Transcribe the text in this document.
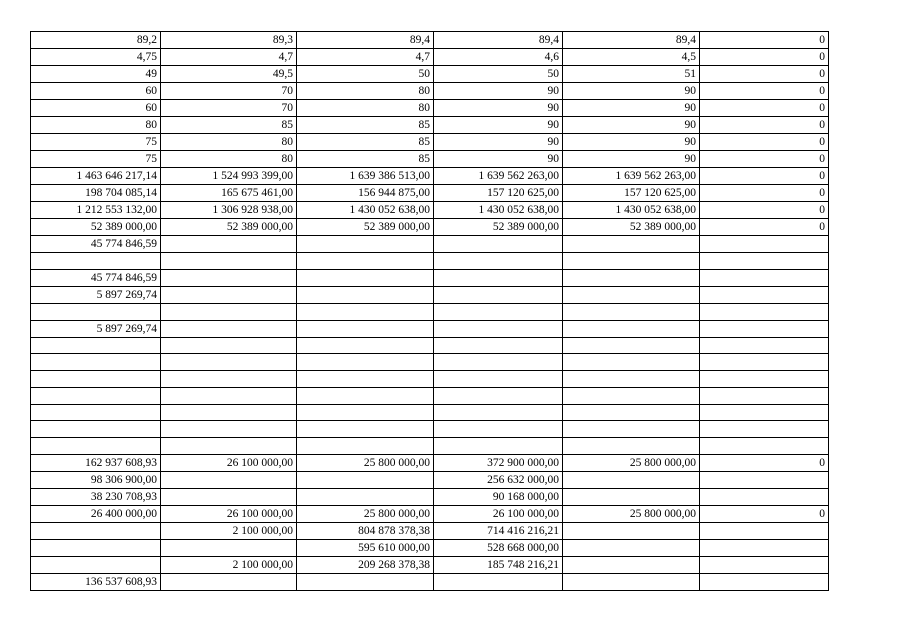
89,2	89,3	89,4	89,4	89,4	0
4,75	4,7	4,7	4,6	4,5	0
49	49,5	50	50	51	0
60	70	80	90	90	0
60	70	80	90	90	0
80	85	85	90	90	0
75	80	85	90	90	0
75	80	85	90	90	0
1 463 646 217,14	1 524 993 399,00	1 639 386 513,00	1 639 562 263,00	1 639 562 263,00	0
198 704 085,14	165 675 461,00	156 944 875,00	157 120 625,00	157 120 625,00	0
1 212 553 132,00	1 306 928 938,00	1 430 052 638,00	1 430 052 638,00	1 430 052 638,00	0
52 389 000,00	52 389 000,00	52 389 000,00	52 389 000,00	52 389 000,00	0
45 774 846,59					

45 774 846,59					
5 897 269,74					

5 897 269,74					

162 937 608,93	26 100 000,00	25 800 000,00	372 900 000,00	25 800 000,00	0
98 306 900,00			256 632 000,00		
38 230 708,93			90 168 000,00		
26 400 000,00	26 100 000,00	25 800 000,00	26 100 000,00	25 800 000,00	0
	2 100 000,00	804 878 378,38	714 416 216,21		
		595 610 000,00	528 668 000,00		
	2 100 000,00	209 268 378,38	185 748 216,21		
136 537 608,93					
